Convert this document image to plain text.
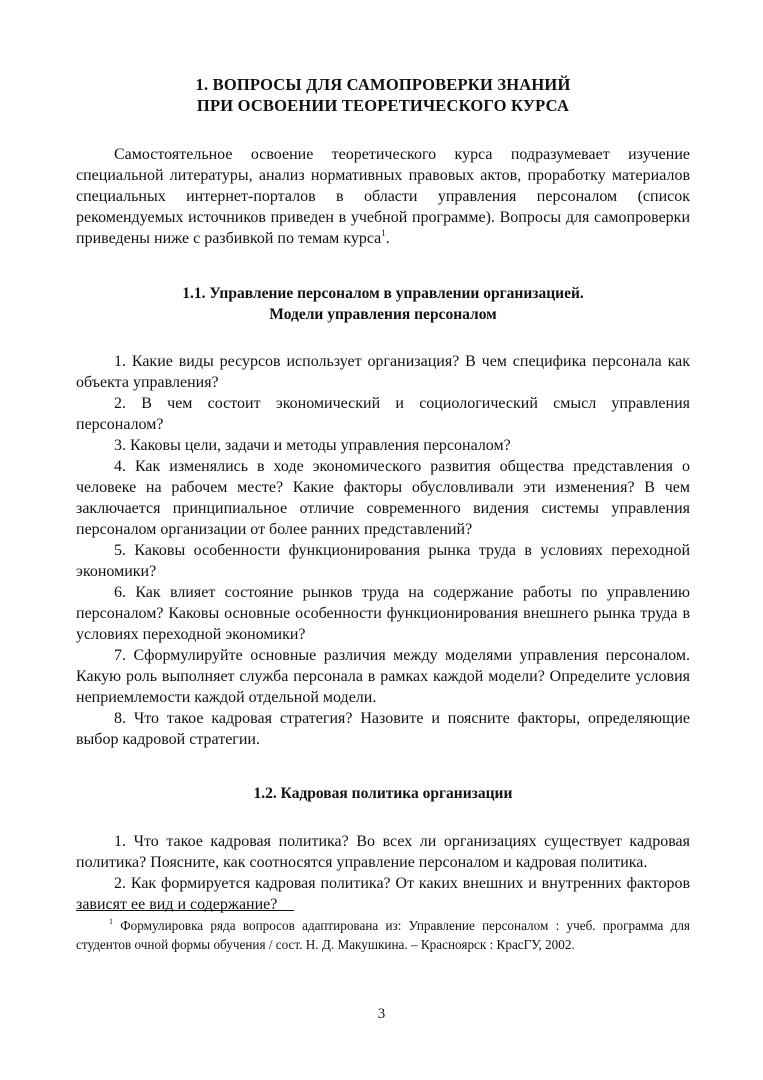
1. ВОПРОСЫ ДЛЯ САМОПРОВЕРКИ ЗНАНИЙ
ПРИ ОСВОЕНИИ ТЕОРЕТИЧЕСКОГО КУРСА

Самостоятельное освоение теоретического курса подразумевает изучение специальной литературы, анализ нормативных правовых актов, проработку материалов специальных интернет-порталов в области управления персоналом (список рекомендуемых источников приведен в учебной программе). Вопросы для самопроверки приведены ниже с разбивкой по темам курса$^1$.

1.1. Управление персоналом в управлении организацией.
Модели управления персоналом

1. Какие виды ресурсов использует организация? В чем специфика персонала как объекта управления?

2. В чем состоит экономический и социологический смысл управления персоналом?

3. Каковы цели, задачи и методы управления персоналом?

4. Как изменялись в ходе экономического развития общества представления о человеке на рабочем месте? Какие факторы обусловливали эти изменения? В чем заключается принципиальное отличие современного видения системы управления персоналом организации от более ранних представлений?

5. Каковы особенности функционирования рынка труда в условиях переходной экономики?

6. Как влияет состояние рынков труда на содержание работы по управлению персоналом? Каковы основные особенности функционирования внешнего рынка труда в условиях переходной экономики?

7. Сформулируйте основные различия между моделями управления персоналом. Какую роль выполняет служба персонала в рамках каждой модели? Определите условия неприемлемости каждой отдельной модели.

8. Что такое кадровая стратегия? Назовите и поясните факторы, определяющие выбор кадровой стратегии.

1.2. Кадровая политика организации

1. Что такое кадровая политика? Во всех ли организациях существует кадровая политика? Поясните, как соотносятся управление персоналом и кадровая политика.

2. Как формируется кадровая политика? От каких внешних и внутренних факторов зависят ее вид и содержание?

$^1$ Формулировка ряда вопросов адаптирована из: Управление персоналом : учеб. программа для студентов очной формы обучения / сост. Н. Д. Макушкина. – Красноярск : КрасГУ, 2002.

3
